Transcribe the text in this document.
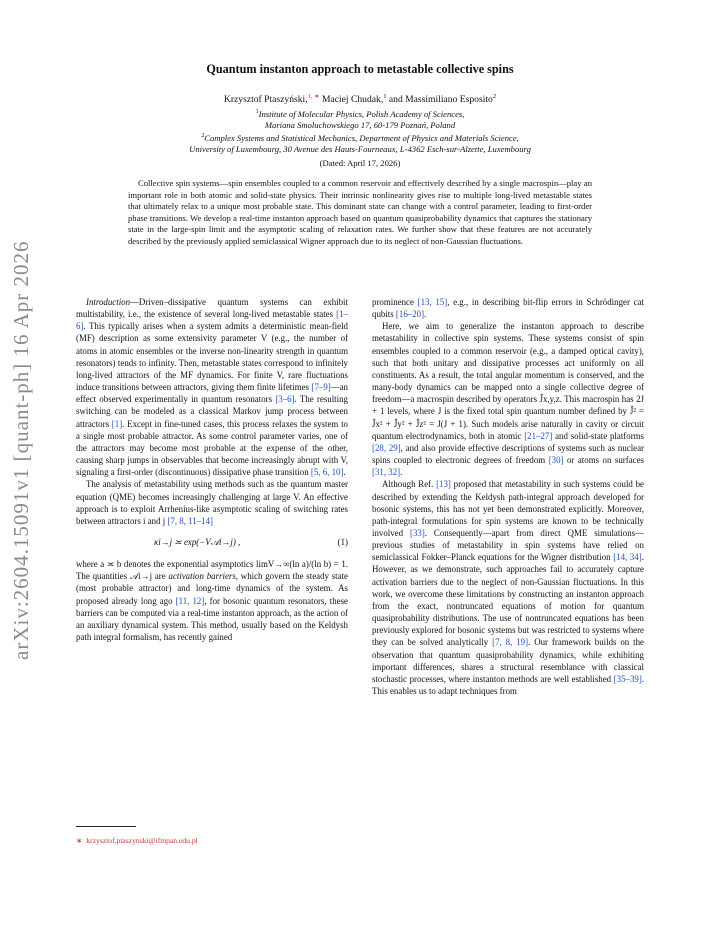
arXiv:2604.15091v1 [quant-ph] 16 Apr 2026
Quantum instanton approach to metastable collective spins
Krzysztof Ptaszyński,$^{1, ∗}$ Maciej Chudak,$^1$ and Massimiliano Esposito$^2$
$^1$Institute of Molecular Physics, Polish Academy of Sciences,
Mariana Smoluchowskiego 17, 60-179 Poznań, Poland
$^2$Complex Systems and Statistical Mechanics, Department of Physics and Materials Science,
University of Luxembourg, 30 Avenue des Hauts-Fourneaux, L-4362 Esch-sur-Alzette, Luxembourg
(Dated: April 17, 2026)
Collective spin systems—spin ensembles coupled to a common reservoir and effectively described by a single macrospin—play an important role in both atomic and solid-state physics. Their intrinsic nonlinearity gives rise to multiple long-lived metastable states that ultimately relax to a unique most probable state. This dominant state can change with a control parameter, leading to first-order phase transitions. We develop a real-time instanton approach based on quantum quasiprobability dynamics that captures the stationary state in the large-spin limit and the asymptotic scaling of relaxation rates. We further show that these features are not accurately described by the previously applied semiclassical Wigner approach due to its neglect of non-Gaussian fluctuations.

Introduction—Driven–dissipative quantum systems can exhibit multistability, i.e., the existence of several long-lived metastable states [1–6]. This typically arises when a system admits a deterministic mean-field (MF) description as some extensivity parameter V (e.g., the number of atoms in atomic ensembles or the inverse non-linearity strength in quantum resonators) tends to infinity. Then, metastable states correspond to infinitely long-lived attractors of the MF dynamics. For finite V, rare fluctuations induce transitions between attractors, giving them finite lifetimes [7–9]—an effect observed experimentally in quantum resonators [3–6]. The resulting switching can be modeled as a classical Markov jump process between attractors [1]. Except in fine-tuned cases, this process relaxes the system to a single most probable attractor. As some control parameter varies, one of the attractors may become most probable at the expense of the other, causing sharp jumps in observables that become increasingly abrupt with V, signaling a first-order (discontinuous) dissipative phase transition [5, 6, 10].

The analysis of metastability using methods such as the quantum master equation (QME) becomes increasingly challenging at large V. An effective approach is to exploit Arrhenius-like asymptotic scaling of switching rates between attractors i and j [7, 8, 11–14]

κi→j ≍ exp(−V𝒜i→j) ,	(1)

where a ≍ b denotes the exponential asymptotics limV→∞(ln a)/(ln b) = 1. The quantities 𝒜i→j are activation barriers, which govern the steady state (most probable attractor) and long-time dynamics of the system. As proposed already long ago [11, 12], for bosonic quantum resonators, these barriers can be computed via a real-time instanton approach, as the action of an auxiliary dynamical system. This method, usually based on the Keldysh path integral formalism, has recently gained

prominence [13, 15], e.g., in describing bit-flip errors in Schrödinger cat qubits [16–20].

Here, we aim to generalize the instanton approach to describe metastability in collective spin systems. These systems consist of spin ensembles coupled to a common reservoir (e.g., a damped optical cavity), such that both unitary and dissipative processes act uniformly on all constituents. As a result, the total angular momentum is conserved, and the many-body dynamics can be mapped onto a single collective degree of freedom—a macrospin described by operators Ĵx,y,z. This macrospin has 2J + 1 levels, where J is the fixed total spin quantum number defined by Ĵ² = Ĵx² + Ĵy² + Ĵz² = J(J + 1). Such models arise naturally in cavity or circuit quantum electrodynamics, both in atomic [21–27] and solid-state platforms [28, 29], and also provide effective descriptions of systems such as nuclear spins coupled to electronic degrees of freedom [30] or atoms on surfaces [31, 32].

Although Ref. [13] proposed that metastability in such systems could be described by extending the Keldysh path-integral approach developed for bosonic systems, this has not yet been demonstrated explicitly. Moreover, path-integral formulations for spin systems are known to be technically involved [33]. Consequently—apart from direct QME simulations—previous studies of metastability in spin systems have relied on semiclassical Fokker–Planck equations for the Wigner distribution [14, 34]. However, as we demonstrate, such approaches fail to accurately capture activation barriers due to the neglect of non-Gaussian fluctuations. In this work, we overcome these limitations by constructing an instanton approach from the exact, nontruncated equations of motion for quantum quasiprobability distributions. The use of nontruncated equations has been previously explored for bosonic systems but was restricted to systems where they can be solved analytically [7, 8, 19]. Our framework builds on the observation that quantum quasiprobability dynamics, while exhibiting important differences, shares a structural resemblance with classical stochastic processes, where instanton methods are well established [35–39]. This enables us to adapt techniques from

∗ krzysztof.ptaszynski@ifmpan.edu.pl
